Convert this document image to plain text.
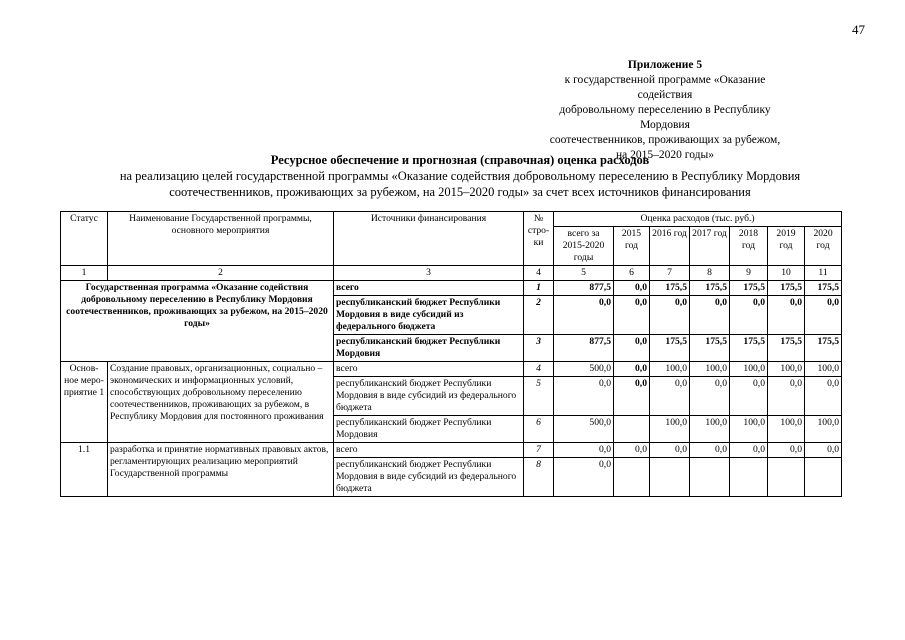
47
Приложение 5
к государственной программе «Оказание содействия
добровольному переселению в Республику Мордовия
соотечественников, проживающих за рубежом,
на 2015–2020 годы»
Ресурсное обеспечение и прогнозная (справочная) оценка расходов
на реализацию целей государственной программы «Оказание содействия добровольному переселению в Республику Мордовия
соотечественников, проживающих за рубежом, на 2015–2020 годы» за счет всех источников финансирования
Статус	Наименование Государственной программы, основного мероприятия	Источники финансирования	№ стро-ки	Оценка расходов (тыс. руб.)						
				всего за 2015-2020 годы	2015 год	2016 год	2017 год	2018 год	2019 год	2020 год
1	2	3	4	5	6	7	8	9	10	11
Государственная программа «Оказание содействия добровольному переселению в Республику Мордовия соотечественников, проживающих за рубежом, на 2015–2020 годы»		всего	1	877,5	0,0	175,5	175,5	175,5	175,5	175,5
		республиканский бюджет Республики Мордовия в виде субсидий из федерального бюджета	2	0,0	0,0	0,0	0,0	0,0	0,0	0,0
		республиканский бюджет Республики Мордовия	3	877,5	0,0	175,5	175,5	175,5	175,5	175,5
Основ-ное меро-приятие 1	Создание правовых, организационных, социально – экономических и информационных условий, способствующих добровольному переселению соотечественников, проживающих за рубежом, в Республику Мордовия для постоянного проживания	всего	4	500,0	0,0	100,0	100,0	100,0	100,0	100,0
		республиканский бюджет Республики Мордовия в виде субсидий из федерального бюджета	5	0,0	0,0	0,0	0,0	0,0	0,0	0,0
		республиканский бюджет Республики Мордовия	6	500,0		100,0	100,0	100,0	100,0	100,0
1.1	разработка и принятие нормативных правовых актов, регламентирующих реализацию мероприятий Государственной программы	всего	7	0,0	0,0	0,0	0,0	0,0	0,0	0,0
		республиканский бюджет Республики Мордовия в виде субсидий из федерального бюджета	8	0,0						
